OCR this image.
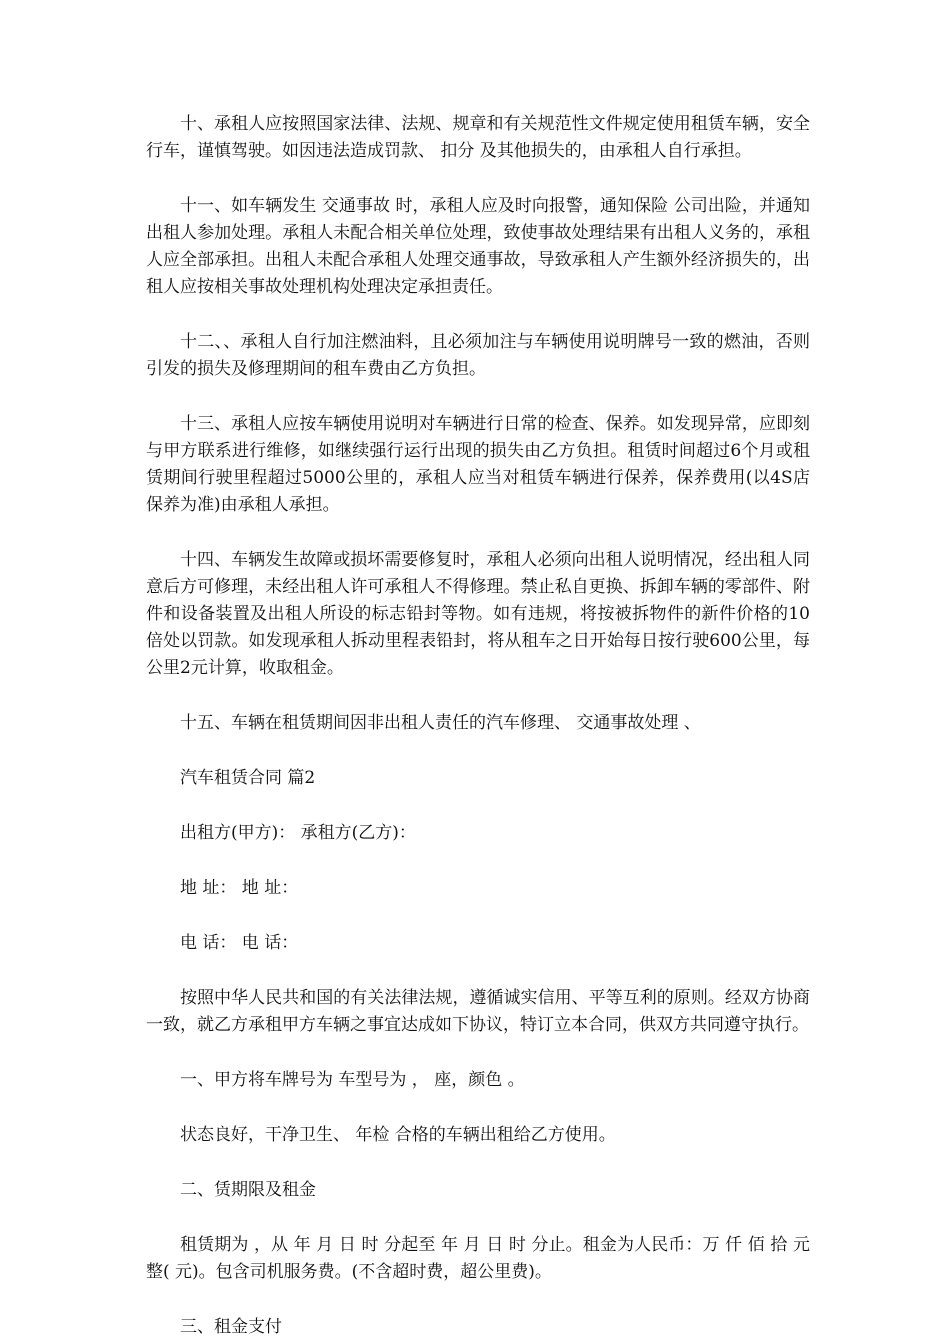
十、承租人应按照国家法律、法规、规章和有关规范性文件规定使用租赁车辆，安全行车，谨慎驾驶。如因违法造成罚款、 扣分 及其他损失的，由承租人自行承担。

十一、如车辆发生 交通事故 时，承租人应及时向报警，通知保险 公司出险，并通知出租人参加处理。承租人未配合相关单位处理，致使事故处理结果有出租人义务的，承租人应全部承担。出租人未配合承租人处理交通事故，导致承租人产生额外经济损失的，出租人应按相关事故处理机构处理决定承担责任。

十二、、承租人自行加注燃油料，且必须加注与车辆使用说明牌号一致的燃油，否则引发的损失及修理期间的租车费由乙方负担。

十三、承租人应按车辆使用说明对车辆进行日常的检查、保养。如发现异常，应即刻与甲方联系进行维修，如继续强行运行出现的损失由乙方负担。租赁时间超过6个月或租赁期间行驶里程超过5000公里的，承租人应当对租赁车辆进行保养，保养费用(以4S店保养为准)由承租人承担。

十四、车辆发生故障或损坏需要修复时，承租人必须向出租人说明情况，经出租人同意后方可修理，未经出租人许可承租人不得修理。禁止私自更换、拆卸车辆的零部件、附件和设备装置及出租人所设的标志铅封等物。如有违规，将按被拆物件的新件价格的10倍处以罚款。如发现承租人拆动里程表铅封，将从租车之日开始每日按行驶600公里，每公里2元计算，收取租金。

十五、车辆在租赁期间因非出租人责任的汽车修理、 交通事故处理 、

汽车租赁合同 篇2

出租方(甲方)： 承租方(乙方)：

地 址： 地 址：

电 话： 电 话：

按照中华人民共和国的有关法律法规，遵循诚实信用、平等互利的原则。经双方协商一致，就乙方承租甲方车辆之事宜达成如下协议，特订立本合同，供双方共同遵守执行。

一、甲方将车牌号为 车型号为 ， 座，颜色 。

状态良好，干净卫生、 年检 合格的车辆出租给乙方使用。

二、赁期限及租金

租赁期为 ，从 年 月 日 时 分起至 年 月 日 时 分止。租金为人民币：万 仟 佰 拾 元整( 元)。包含司机服务费。(不含超时费，超公里费)。

三、租金支付
